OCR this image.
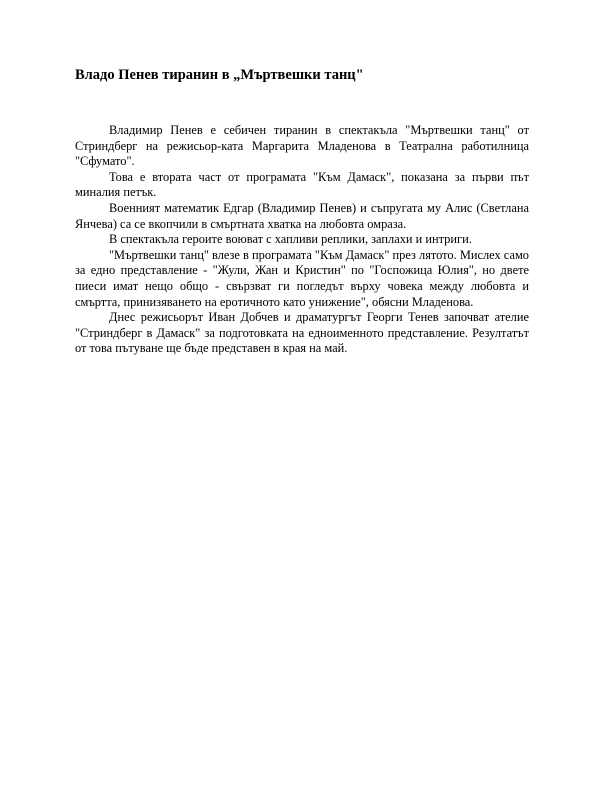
Владо Пенев тиранин в „Мъртвешки танц"

Владимир Пенев е себичен тиранин в спектакъла "Мъртвешки танц" от Стриндберг на режисьор-ката Маргарита Младенова в Театрална работилница "Сфумато".

Това е втората част от програмата "Към Дамаск", показана за първи път миналия петък.

Военният математик Едгар (Владимир Пенев) и съпругата му Алис (Светлана Янчева) са се вкопчили в смъртната хватка на любовта омраза.

В спектакъла героите воюват с хапливи реплики, заплахи и интриги.

"Мъртвешки танц" влезе в програмата "Към Дамаск" през лятото. Мислех само за едно представление - "Жули, Жан и Кристин" по "Госпожица Юлия", но двете пиеси имат нещо общо - свързват ги погледът върху човека между любовта и смъртта, принизяването на еротичното като унижение", обясни Младенова.

Днес режисьорът Иван Добчев и драматургът Георги Тенев започват ателие "Стриндберг в Дамаск" за подготовката на едноименното представление. Резултатът от това пътуване ще бъде представен в края на май.
